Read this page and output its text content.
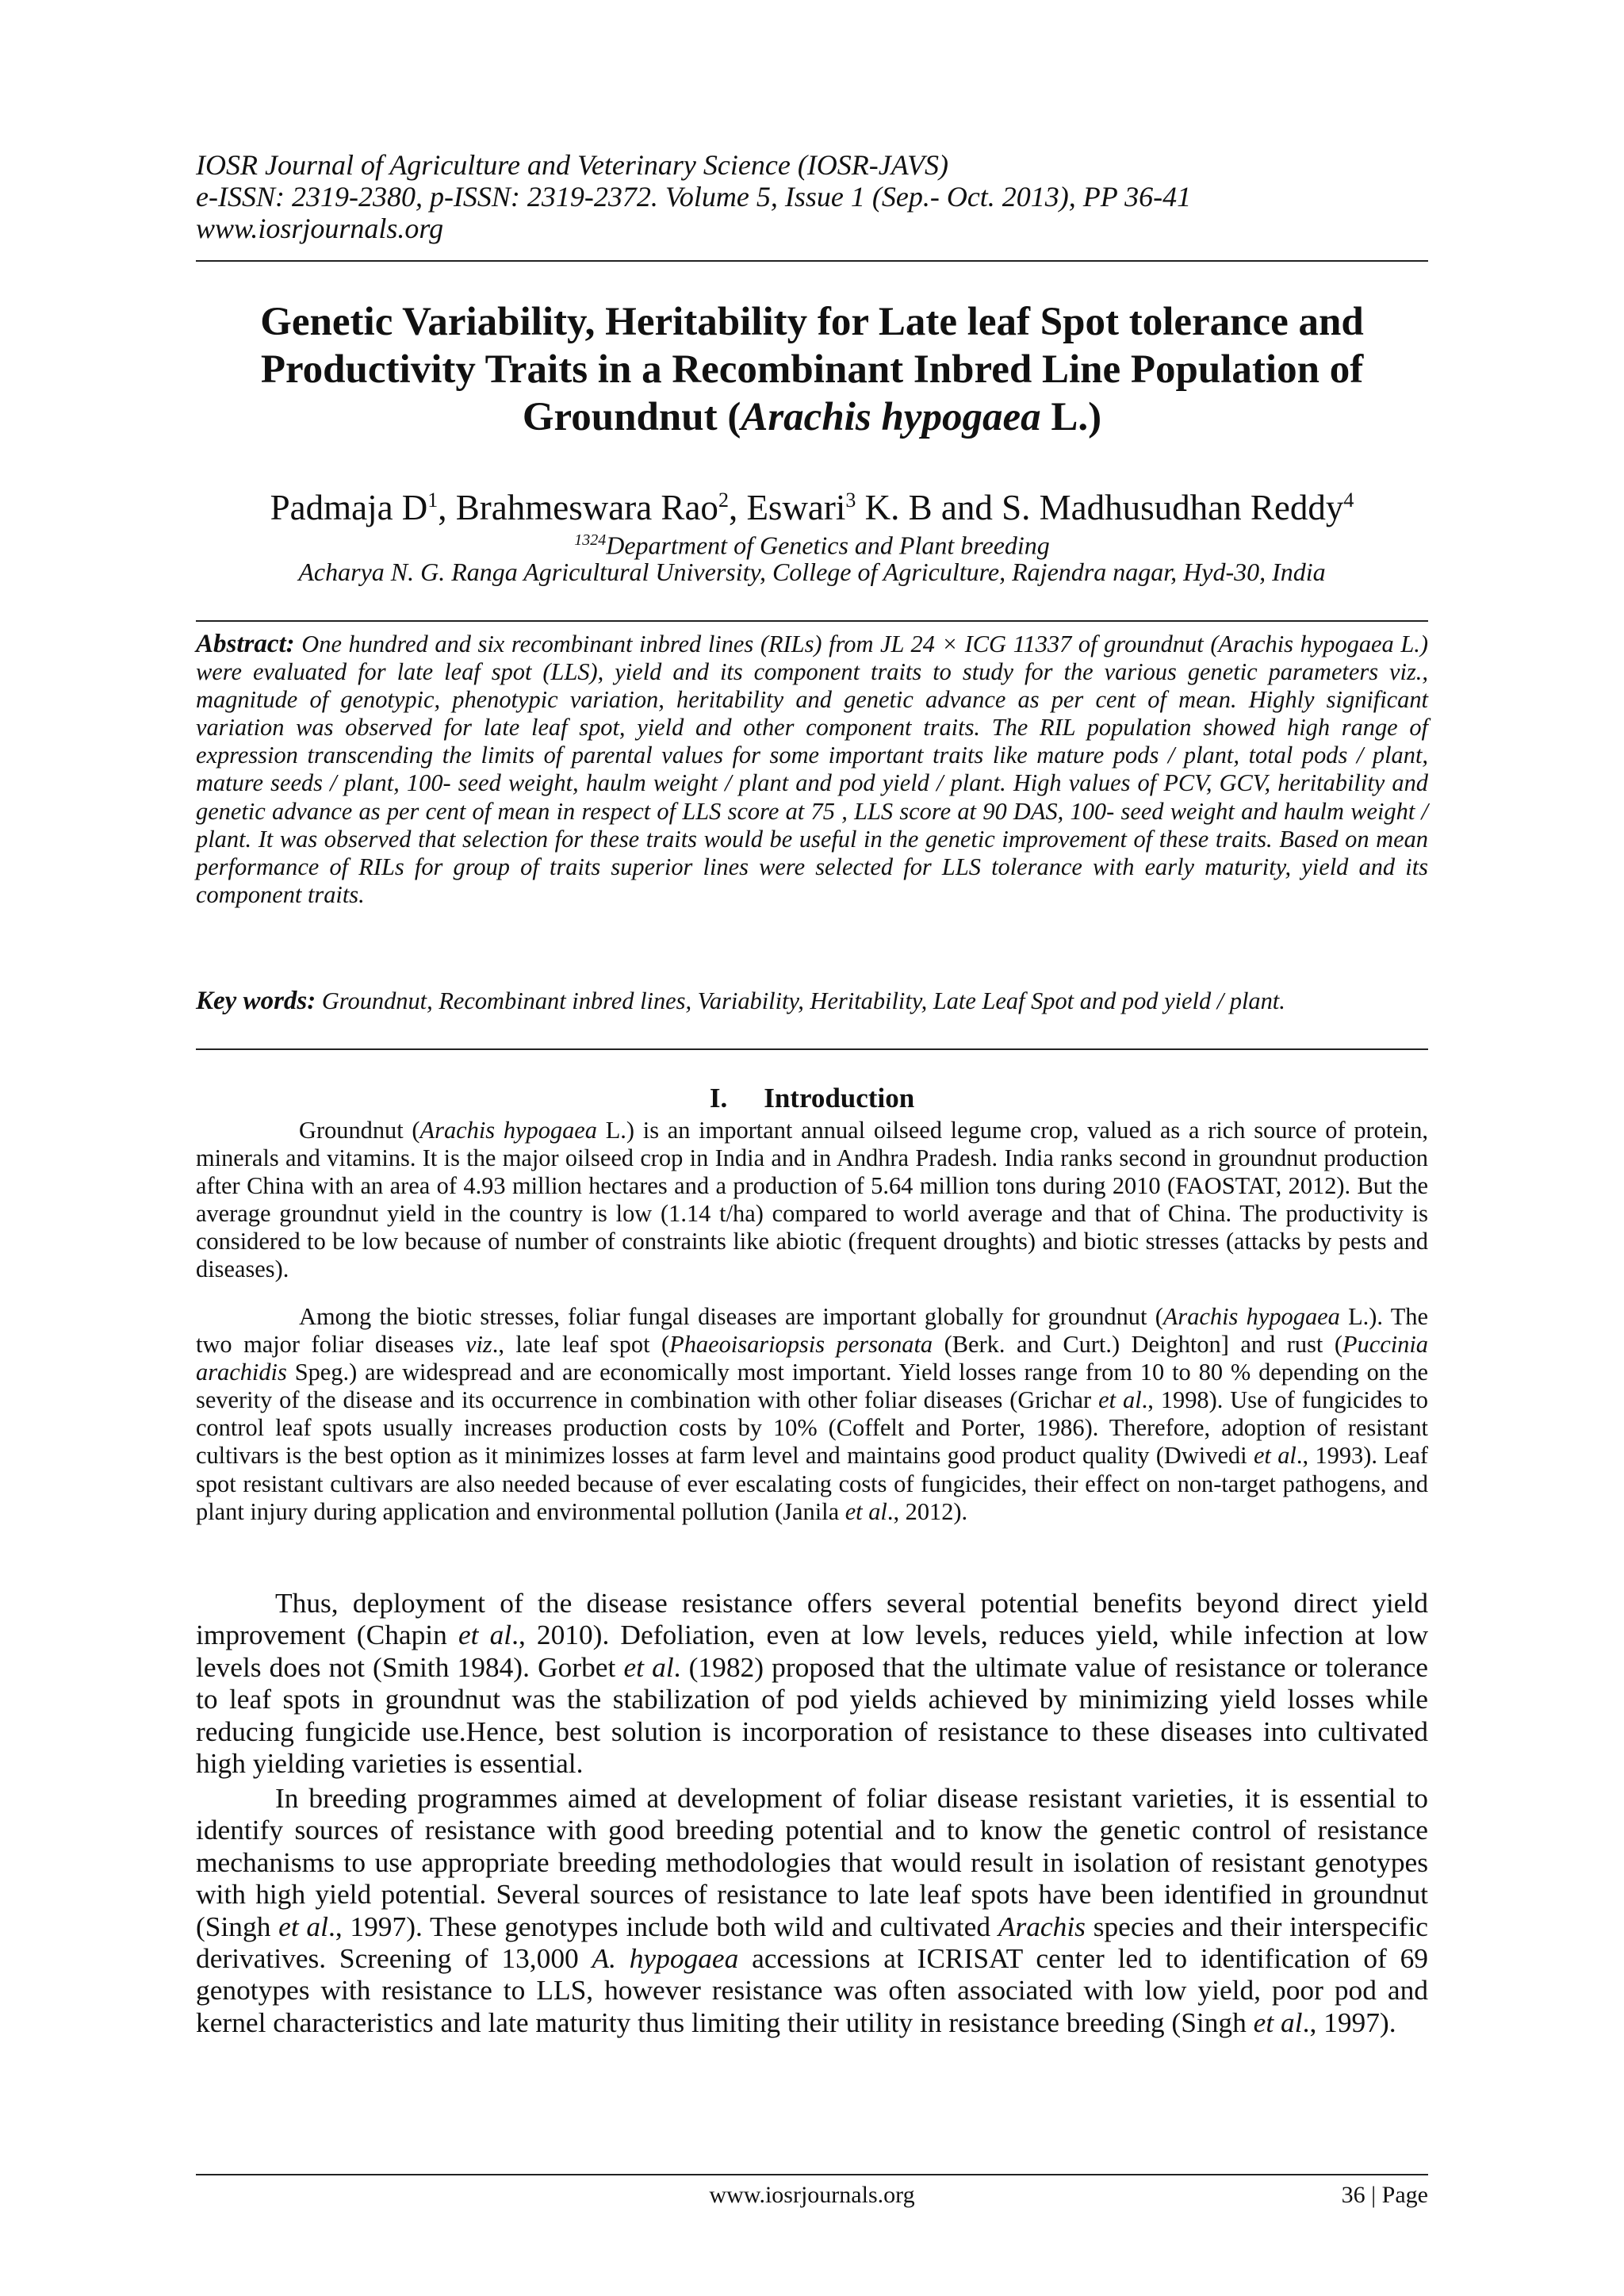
IOSR Journal of Agriculture and Veterinary Science (IOSR-JAVS)
e-ISSN: 2319-2380, p-ISSN: 2319-2372. Volume 5, Issue 1 (Sep.- Oct. 2013), PP 36-41
www.iosrjournals.org
Genetic Variability, Heritability for Late leaf Spot tolerance and Productivity Traits in a Recombinant Inbred Line Population of Groundnut (Arachis hypogaea L.)
Padmaja $D^1$, Brahmeswara Rao$^2$, Eswari$^3$ K. B and S. Madhusudhan Reddy$^4$
$^{1324}$Department of Genetics and Plant breeding
Acharya N. G. Ranga Agricultural University, College of Agriculture, Rajendra nagar, Hyd-30, India
Abstract: One hundred and six recombinant inbred lines (RILs) from JL 24 × ICG 11337 of groundnut (Arachis hypogaea L.) were evaluated for late leaf spot (LLS), yield and its component traits to study for the various genetic parameters viz., magnitude of genotypic, phenotypic variation, heritability and genetic advance as per cent of mean. Highly significant variation was observed for late leaf spot, yield and other component traits. The RIL population showed high range of expression transcending the limits of parental values for some important traits like mature pods / plant, total pods / plant, mature seeds / plant, 100- seed weight, haulm weight / plant and pod yield / plant. High values of PCV, GCV, heritability and genetic advance as per cent of mean in respect of LLS score at 75 , LLS score at 90 DAS, 100- seed weight and haulm weight / plant. It was observed that selection for these traits would be useful in the genetic improvement of these traits. Based on mean performance of RILs for group of traits superior lines were selected for LLS tolerance with early maturity, yield and its component traits.
Key words: Groundnut, Recombinant inbred lines, Variability, Heritability, Late Leaf Spot and pod yield / plant.
I. Introduction
Groundnut (Arachis hypogaea L.) is an important annual oilseed legume crop, valued as a rich source of protein, minerals and vitamins. It is the major oilseed crop in India and in Andhra Pradesh. India ranks second in groundnut production after China with an area of 4.93 million hectares and a production of 5.64 million tons during 2010 (FAOSTAT, 2012). But the average groundnut yield in the country is low (1.14 t/ha) compared to world average and that of China. The productivity is considered to be low because of number of constraints like abiotic (frequent droughts) and biotic stresses (attacks by pests and diseases).
Among the biotic stresses, foliar fungal diseases are important globally for groundnut (Arachis hypogaea L.). The two major foliar diseases viz., late leaf spot (Phaeoisariopsis personata (Berk. and Curt.) Deighton] and rust (Puccinia arachidis Speg.) are widespread and are economically most important. Yield losses range from 10 to 80 % depending on the severity of the disease and its occurrence in combination with other foliar diseases (Grichar et al., 1998). Use of fungicides to control leaf spots usually increases production costs by 10% (Coffelt and Porter, 1986). Therefore, adoption of resistant cultivars is the best option as it minimizes losses at farm level and maintains good product quality (Dwivedi et al., 1993). Leaf spot resistant cultivars are also needed because of ever escalating costs of fungicides, their effect on non-target pathogens, and plant injury during application and environmental pollution (Janila et al., 2012).
Thus, deployment of the disease resistance offers several potential benefits beyond direct yield improvement (Chapin et al., 2010). Defoliation, even at low levels, reduces yield, while infection at low levels does not (Smith 1984). Gorbet et al. (1982) proposed that the ultimate value of resistance or tolerance to leaf spots in groundnut was the stabilization of pod yields achieved by minimizing yield losses while reducing fungicide use.Hence, best solution is incorporation of resistance to these diseases into cultivated high yielding varieties is essential.
In breeding programmes aimed at development of foliar disease resistant varieties, it is essential to identify sources of resistance with good breeding potential and to know the genetic control of resistance mechanisms to use appropriate breeding methodologies that would result in isolation of resistant genotypes with high yield potential. Several sources of resistance to late leaf spots have been identified in groundnut (Singh et al., 1997). These genotypes include both wild and cultivated Arachis species and their interspecific derivatives. Screening of 13,000 A. hypogaea accessions at ICRISAT center led to identification of 69 genotypes with resistance to LLS, however resistance was often associated with low yield, poor pod and kernel characteristics and late maturity thus limiting their utility in resistance breeding (Singh et al., 1997).
www.iosrjournals.org	36 | Page
